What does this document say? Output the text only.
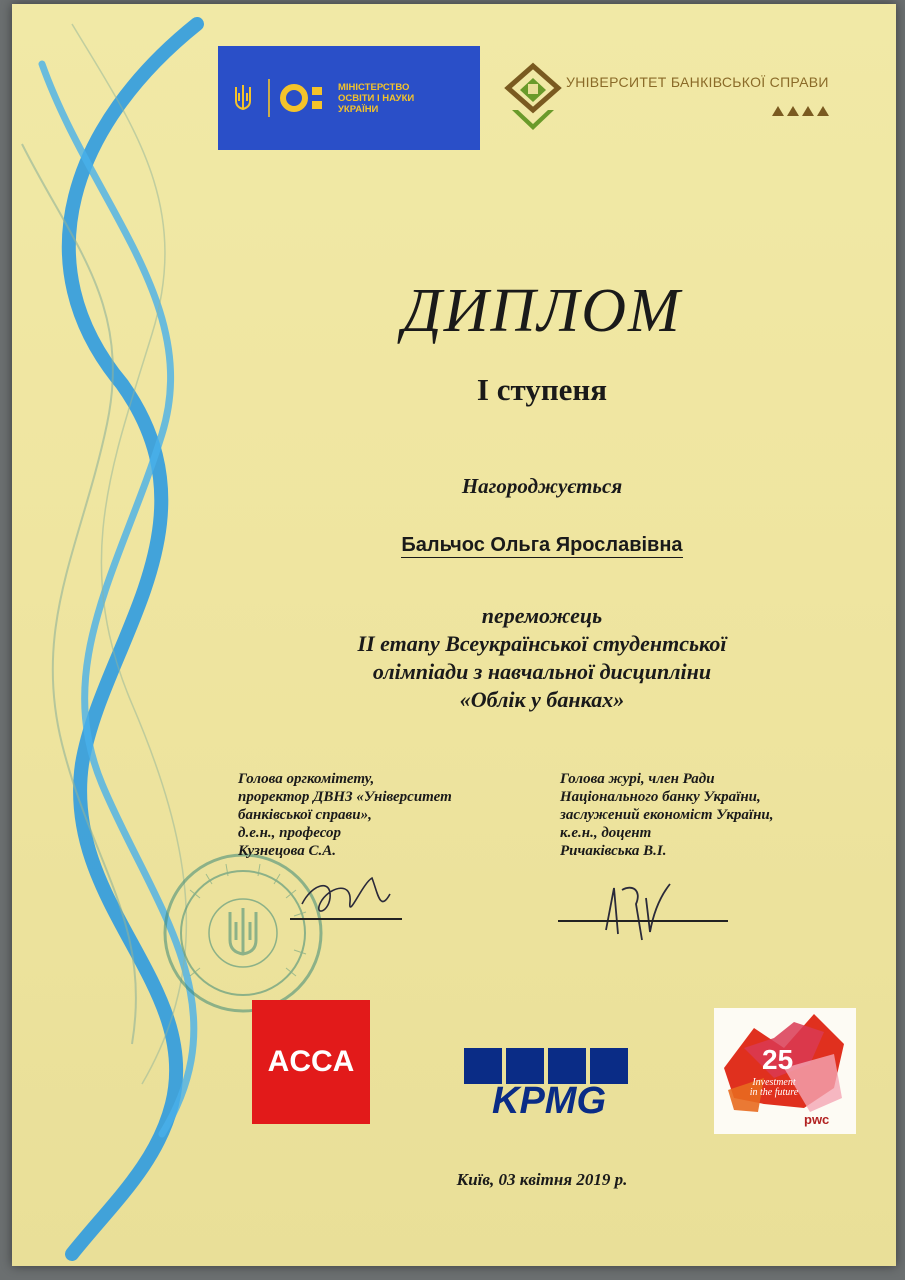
МІНІСТЕРСТВО
ОСВІТИ І НАУКИ
УКРАЇНИ
УНІВЕРСИТЕТ БАНКІВСЬКОЇ СПРАВИ
ДИПЛОМ
І ступеня
Нагороджується
Бальчос Ольга Ярославівна
переможець
ІІ етапу Всеукраїнської студентської
олімпіади з навчальної дисципліни
«Облік у банках»
Голова оргкомітету,
проректор ДВНЗ «Університет
банківської справи»,
д.е.н., професор
Кузнецова С.А.
Голова журі, член Ради
Національного банку України,
заслужений економіст України,
к.е.н., доцент
Ричаківська В.І.
ACCA
KPMG
25
Investment
in the future
pwc
Київ, 03 квітня 2019 р.
